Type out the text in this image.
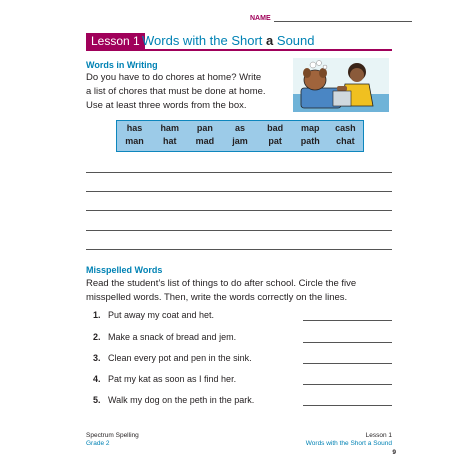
NAME
Lesson 1 Words with the Short a Sound
Words in Writing
Do you have to do chores at home? Write
a list of chores that must be done at home.
Use at least three words from the box.
has	ham	pan	as	bad	map	cash
man	hat	mad	jam	pat	path	chat
Misspelled Words
Read the student’s list of things to do after school. Circle the five
misspelled words. Then, write the words correctly on the lines.
1. Put away my coat and het.
2. Make a snack of bread and jem.
3. Clean every pot and pen in the sink.
4. Pat my kat as soon as I find her.
5. Walk my dog on the peth in the park.
Spectrum Spelling
Grade 2
Lesson 1
Words with the Short a Sound
9
